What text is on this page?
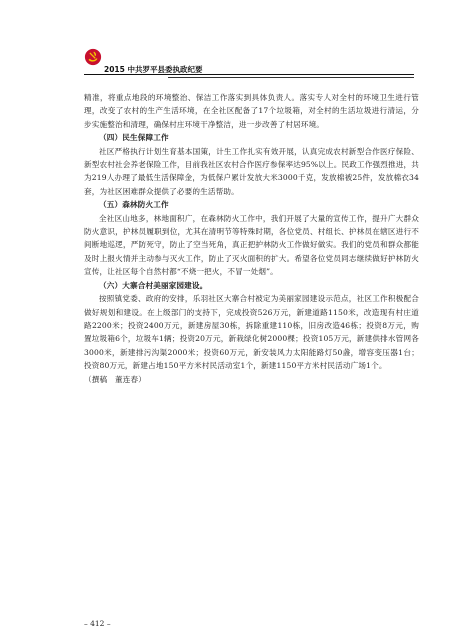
2015 中共罗平县委执政纪要

精准，将重点地段的环境整治、保洁工作落实到具体负责人。落实专人对全村的环境卫生进行管理，改变了农村的生产生活环境，在全社区配备了17个垃圾箱，对全村的生活垃圾进行清运，分步实施整治和清理，确保村庄环境干净整洁，进一步改善了村居环境。

（四）民生保障工作

社区严格执行计划生育基本国策，计生工作扎实有效开展，认真完成农村新型合作医疗保险、新型农村社会养老保险工作，目前我社区农村合作医疗参保率达95%以上。民政工作强烈推进，共为219人办理了最低生活保障金，为低保户累计发放大米3000千克，发放棉被25件，发放棉衣34套，为社区困难群众提供了必要的生活帮助。

（五）森林防火工作

全社区山地多，林地面积广，在森林防火工作中，我们开展了大量的宣传工作，提升广大群众防火意识，护林员履职到位，尤其在清明节等特殊时期，各位党员、村组长、护林员在辖区进行不间断地巡逻，严防死守，防止了空当死角，真正把护林防火工作做好做实。我们的党员和群众都能及时上报火情并主动参与灭火工作，防止了灭火面积的扩大。希望各位党员同志继续做好护林防火宣传，让社区每个自然村都“不烧一把火，不冒一处烟”。

（六）大寨合村美丽家园建设。

按照镇党委、政府的安排，乐羽社区大寨合村被定为美丽家园建设示范点，社区工作积极配合做好规划和建设。在上级部门的支持下，完成投资526万元，新建道路1150米，改造现有村庄道路2200米；投资2400万元，新建房屋30栋，拆除重建110栋，旧房改造46栋；投资8万元，购置垃圾箱6个，垃圾车1辆；投资20万元，新栽绿化树2000棵；投资105万元，新建供排水管网各3000米，新建排污沟渠2000米；投资60万元，新安装风力太阳能路灯50盏，增容变压器1台；投资80万元，新建占地150平方米村民活动室1个，新建1150平方米村民活动广场1个。

（撰稿　董连春）

– 412 –
